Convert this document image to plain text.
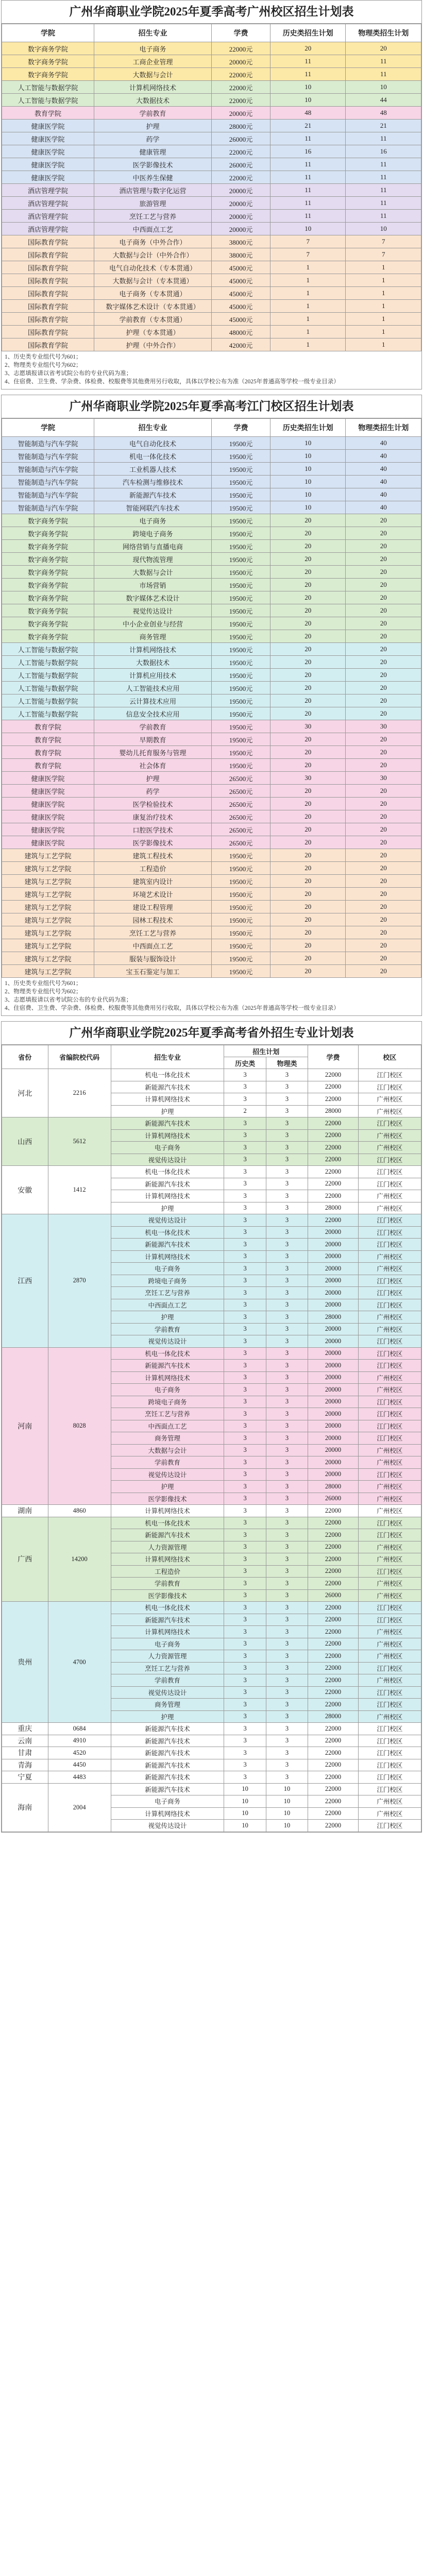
广州华商职业学院2025年夏季高考广州校区招生计划表
学院	招生专业	学费	历史类招生计划	物理类招生计划
数字商务学院	电子商务	22000元	20	20
数字商务学院	工商企业管理	20000元	11	11
数字商务学院	大数据与会计	22000元	11	11
人工智能与数据学院	计算机网络技术	22000元	10	10
人工智能与数据学院	大数据技术	22000元	10	44
教育学院	学前教育	20000元	48	48
健康医学院	护理	28000元	21	21
健康医学院	药学	26000元	11	11
健康医学院	健康管理	22000元	16	16
健康医学院	医学影像技术	26000元	11	11
健康医学院	中医养生保健	22000元	11	11
酒店管理学院	酒店管理与数字化运营	20000元	11	11
酒店管理学院	旅游管理	20000元	11	11
酒店管理学院	烹饪工艺与营养	20000元	11	11
酒店管理学院	中西面点工艺	20000元	10	10
国际教育学院	电子商务（中外合作）	38000元	7	7
国际教育学院	大数据与会计（中外合作）	38000元	7	7
国际教育学院	电气自动化技术（专本贯通）	45000元	1	1
国际教育学院	大数据与会计（专本贯通）	45000元	1	1
国际教育学院	电子商务（专本贯通）	45000元	1	1
国际教育学院	数字媒体艺术设计（专本贯通）	45000元	1	1
国际教育学院	学前教育（专本贯通）	45000元	1	1
国际教育学院	护理（专本贯通）	48000元	1	1
国际教育学院	护理（中外合作）	42000元	1	1
1、历史类专业组代号为601；
2、物理类专业组代号为602；
3、志愿填报请以省考试院公布的专业代码为准；
4、住宿费、卫生费、学杂费、体检费、校服费等其他费用另行收取，具体以学校公布为准（2025年普通高等学校一级专业目录）
广州华商职业学院2025年夏季高考江门校区招生计划表
学院	招生专业	学费	历史类招生计划	物理类招生计划
智能制造与汽车学院	电气自动化技术	19500元	10	40
智能制造与汽车学院	机电一体化技术	19500元	10	40
智能制造与汽车学院	工业机器人技术	19500元	10	40
智能制造与汽车学院	汽车检测与维修技术	19500元	10	40
智能制造与汽车学院	新能源汽车技术	19500元	10	40
智能制造与汽车学院	智能网联汽车技术	19500元	10	40
数字商务学院	电子商务	19500元	20	20
数字商务学院	跨境电子商务	19500元	20	20
数字商务学院	网络营销与直播电商	19500元	20	20
数字商务学院	现代物流管理	19500元	20	20
数字商务学院	大数据与会计	19500元	20	20
数字商务学院	市场营销	19500元	20	20
数字商务学院	数字媒体艺术设计	19500元	20	20
数字商务学院	视觉传达设计	19500元	20	20
数字商务学院	中小企业创业与经营	19500元	20	20
数字商务学院	商务管理	19500元	20	20
人工智能与数据学院	计算机网络技术	19500元	20	20
人工智能与数据学院	大数据技术	19500元	20	20
人工智能与数据学院	计算机应用技术	19500元	20	20
人工智能与数据学院	人工智能技术应用	19500元	20	20
人工智能与数据学院	云计算技术应用	19500元	20	20
人工智能与数据学院	信息安全技术应用	19500元	20	20
教育学院	学前教育	19500元	30	30
教育学院	早期教育	19500元	20	20
教育学院	婴幼儿托育服务与管理	19500元	20	20
教育学院	社会体育	19500元	20	20
健康医学院	护理	26500元	30	30
健康医学院	药学	26500元	20	20
健康医学院	医学检验技术	26500元	20	20
健康医学院	康复治疗技术	26500元	20	20
健康医学院	口腔医学技术	26500元	20	20
健康医学院	医学影像技术	26500元	20	20
建筑与工艺学院	建筑工程技术	19500元	20	20
建筑与工艺学院	工程造价	19500元	20	20
建筑与工艺学院	建筑室内设计	19500元	20	20
建筑与工艺学院	环境艺术设计	19500元	20	20
建筑与工艺学院	建设工程管理	19500元	20	20
建筑与工艺学院	园林工程技术	19500元	20	20
建筑与工艺学院	烹饪工艺与营养	19500元	20	20
建筑与工艺学院	中西面点工艺	19500元	20	20
建筑与工艺学院	服装与服饰设计	19500元	20	20
建筑与工艺学院	宝玉石鉴定与加工	19500元	20	20
1、历史类专业组代号为601；
2、物理类专业组代号为602；
3、志愿填报请以省考试院公布的专业代码为准；
4、住宿费、卫生费、学杂费、体检费、校服费等其他费用另行收取，具体以学校公布为准（2025年普通高等学校一级专业目录）
广州华商职业学院2025年夏季高考省外招生专业计划表
省份	省编院校代码	招生专业	招生计划		学费	校区
			历史类	物理类		
河北	2216	机电一体化技术	3	3	22000	江门校区
		新能源汽车技术	3	3	22000	江门校区
		计算机网络技术	3	3	22000	广州校区
		护理	2	3	28000	广州校区
山西	5612	新能源汽车技术	3	3	22000	江门校区
		计算机网络技术	3	3	22000	广州校区
		电子商务	3	3	22000	广州校区
		视觉传达设计	3	3	22000	江门校区
安徽	1412	机电一体化技术	3	3	22000	江门校区
		新能源汽车技术	3	3	22000	江门校区
		计算机网络技术	3	3	22000	广州校区
		护理	3	3	28000	广州校区
江西	2870	视觉传达设计	3	3	22000	江门校区
		机电一体化技术	3	3	20000	江门校区
		新能源汽车技术	3	3	20000	江门校区
		计算机网络技术	3	3	20000	广州校区
		电子商务	3	3	20000	广州校区
		跨境电子商务	3	3	20000	江门校区
		烹饪工艺与营养	3	3	20000	江门校区
		中西面点工艺	3	3	20000	江门校区
		护理	3	3	28000	广州校区
		学前教育	3	3	20000	广州校区
		视觉传达设计	3	3	20000	江门校区
河南	8028	机电一体化技术	3	3	20000	江门校区
		新能源汽车技术	3	3	20000	江门校区
		计算机网络技术	3	3	20000	广州校区
		电子商务	3	3	20000	广州校区
		跨境电子商务	3	3	20000	江门校区
		烹饪工艺与营养	3	3	20000	江门校区
		中西面点工艺	3	3	20000	江门校区
		商务管理	3	3	20000	江门校区
		大数据与会计	3	3	20000	广州校区
		学前教育	3	3	20000	广州校区
		视觉传达设计	3	3	20000	江门校区
		护理	3	3	28000	广州校区
		医学影像技术	3	3	26000	广州校区
湖南	4860	计算机网络技术	3	3	22000	广州校区
广西	14200	机电一体化技术	3	3	22000	江门校区
		新能源汽车技术	3	3	22000	江门校区
		人力资源管理	3	3	22000	广州校区
		计算机网络技术	3	3	22000	广州校区
		工程造价	3	3	22000	江门校区
		学前教育	3	3	22000	广州校区
		医学影像技术	3	3	26000	广州校区
贵州	4700	机电一体化技术	3	3	22000	江门校区
		新能源汽车技术	3	3	22000	江门校区
		计算机网络技术	3	3	22000	广州校区
		电子商务	3	3	22000	广州校区
		人力资源管理	3	3	22000	广州校区
		烹饪工艺与营养	3	3	22000	江门校区
		学前教育	3	3	22000	广州校区
		视觉传达设计	3	3	22000	江门校区
		商务管理	3	3	22000	江门校区
		护理	3	3	28000	广州校区
重庆	0684	新能源汽车技术	3	3	22000	江门校区
云南	4910	新能源汽车技术	3	3	22000	江门校区
甘肃	4520	新能源汽车技术	3	3	22000	江门校区
青海	4450	新能源汽车技术	3	3	22000	江门校区
宁夏	4483	新能源汽车技术	3	3	22000	江门校区
海南	2004	新能源汽车技术	10	10	22000	江门校区
		电子商务	10	10	22000	广州校区
		计算机网络技术	10	10	22000	广州校区
		视觉传达设计	10	10	22000	江门校区
